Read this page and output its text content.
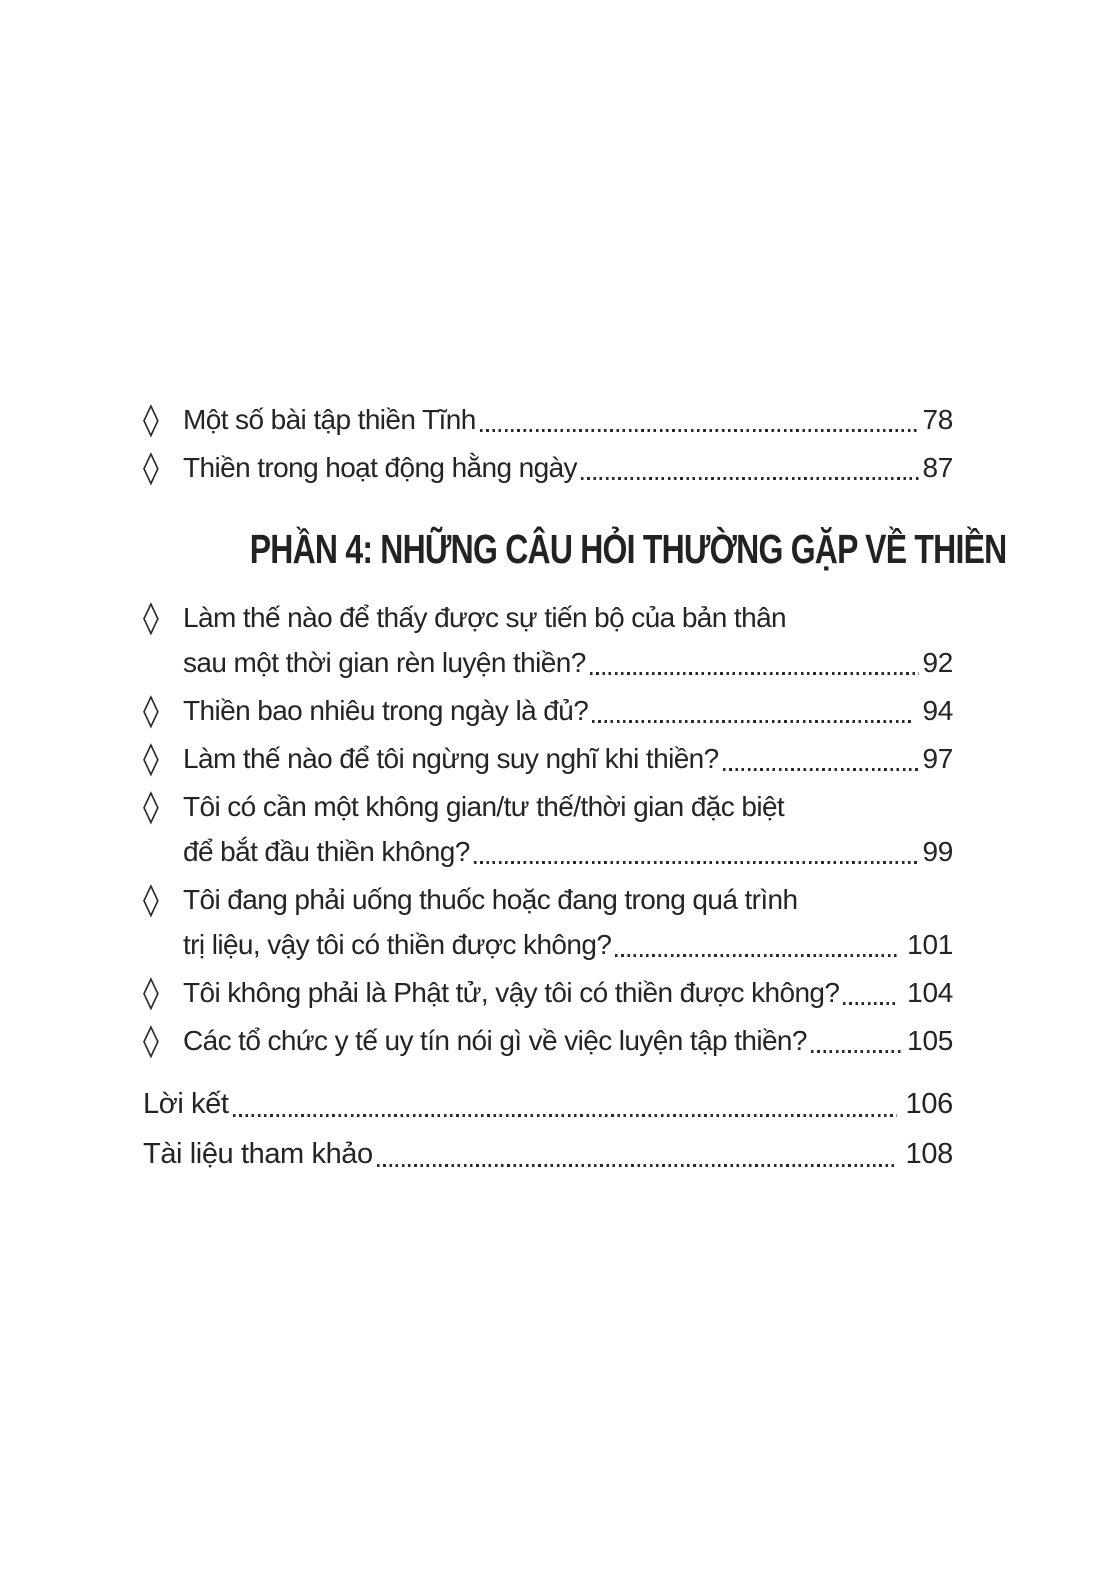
◊ Một số bài tập thiền Tĩnh	78
◊ Thiền trong hoạt động hằng ngày	87
PHẦN 4: NHỮNG CÂU HỎI THƯỜNG GẶP VỀ THIỀN
◊ Làm thế nào để thấy được sự tiến bộ của bản thân
sau một thời gian rèn luyện thiền?	92
◊ Thiền bao nhiêu trong ngày là đủ?	94
◊ Làm thế nào để tôi ngừng suy nghĩ khi thiền?	97
◊ Tôi có cần một không gian/tư thế/thời gian đặc biệt
để bắt đầu thiền không?	99
◊ Tôi đang phải uống thuốc hoặc đang trong quá trình
trị liệu, vậy tôi có thiền được không?	101
◊ Tôi không phải là Phật tử, vậy tôi có thiền được không? 104
◊ Các tổ chức y tế uy tín nói gì về việc luyện tập thiền?	105
Lời kết	106
Tài liệu tham khảo	108
